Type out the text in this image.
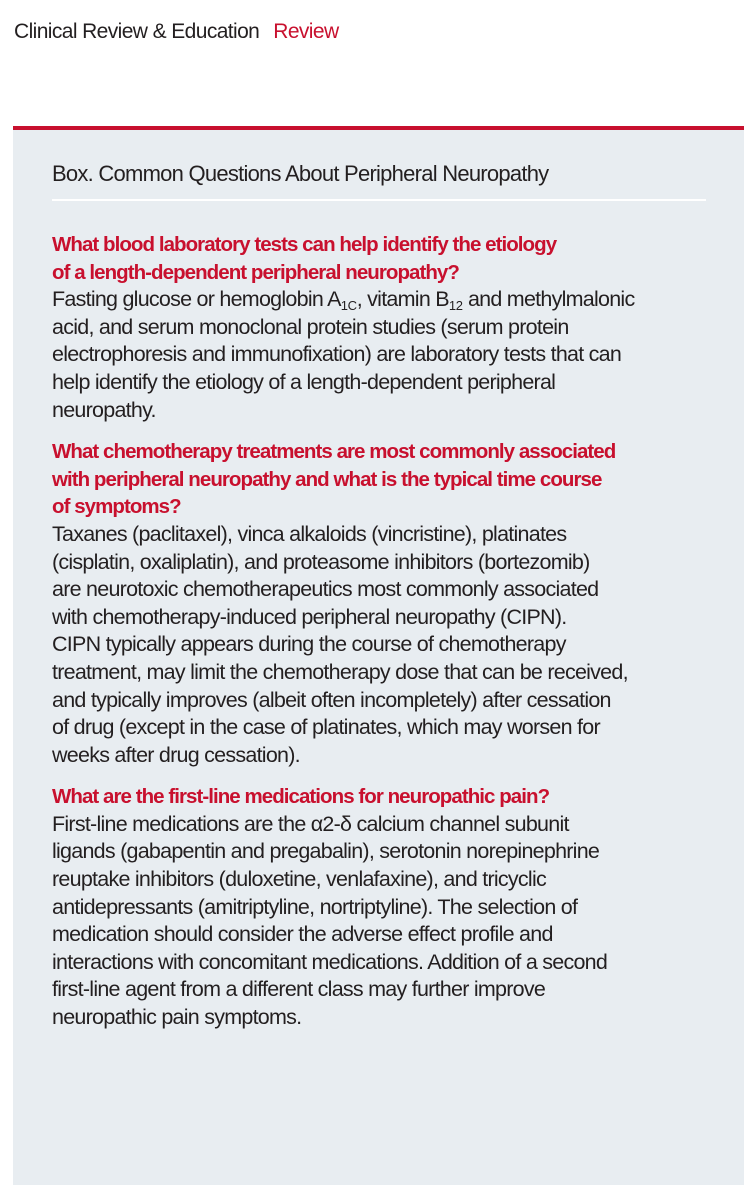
Clinical Review & Education Review
Box. Common Questions About Peripheral Neuropathy

What blood laboratory tests can help identify the etiology
of a length-dependent peripheral neuropathy?

Fasting glucose or hemoglobin $A_{1C}$, vitamin $B_{12}$ and methylmalonic
acid, and serum monoclonal protein studies (serum protein
electrophoresis and immunofixation) are laboratory tests that can
help identify the etiology of a length-dependent peripheral
neuropathy.

What chemotherapy treatments are most commonly associated
with peripheral neuropathy and what is the typical time course
of symptoms?

Taxanes (paclitaxel), vinca alkaloids (vincristine), platinates
(cisplatin, oxaliplatin), and proteasome inhibitors (bortezomib)
are neurotoxic chemotherapeutics most commonly associated
with chemotherapy-induced peripheral neuropathy (CIPN).
CIPN typically appears during the course of chemotherapy
treatment, may limit the chemotherapy dose that can be received,
and typically improves (albeit often incompletely) after cessation
of drug (except in the case of platinates, which may worsen for
weeks after drug cessation).

What are the first-line medications for neuropathic pain?

First-line medications are the α2-δ calcium channel subunit
ligands (gabapentin and pregabalin), serotonin norepinephrine
reuptake inhibitors (duloxetine, venlafaxine), and tricyclic
antidepressants (amitriptyline, nortriptyline). The selection of
medication should consider the adverse effect profile and
interactions with concomitant medications. Addition of a second
first-line agent from a different class may further improve
neuropathic pain symptoms.
